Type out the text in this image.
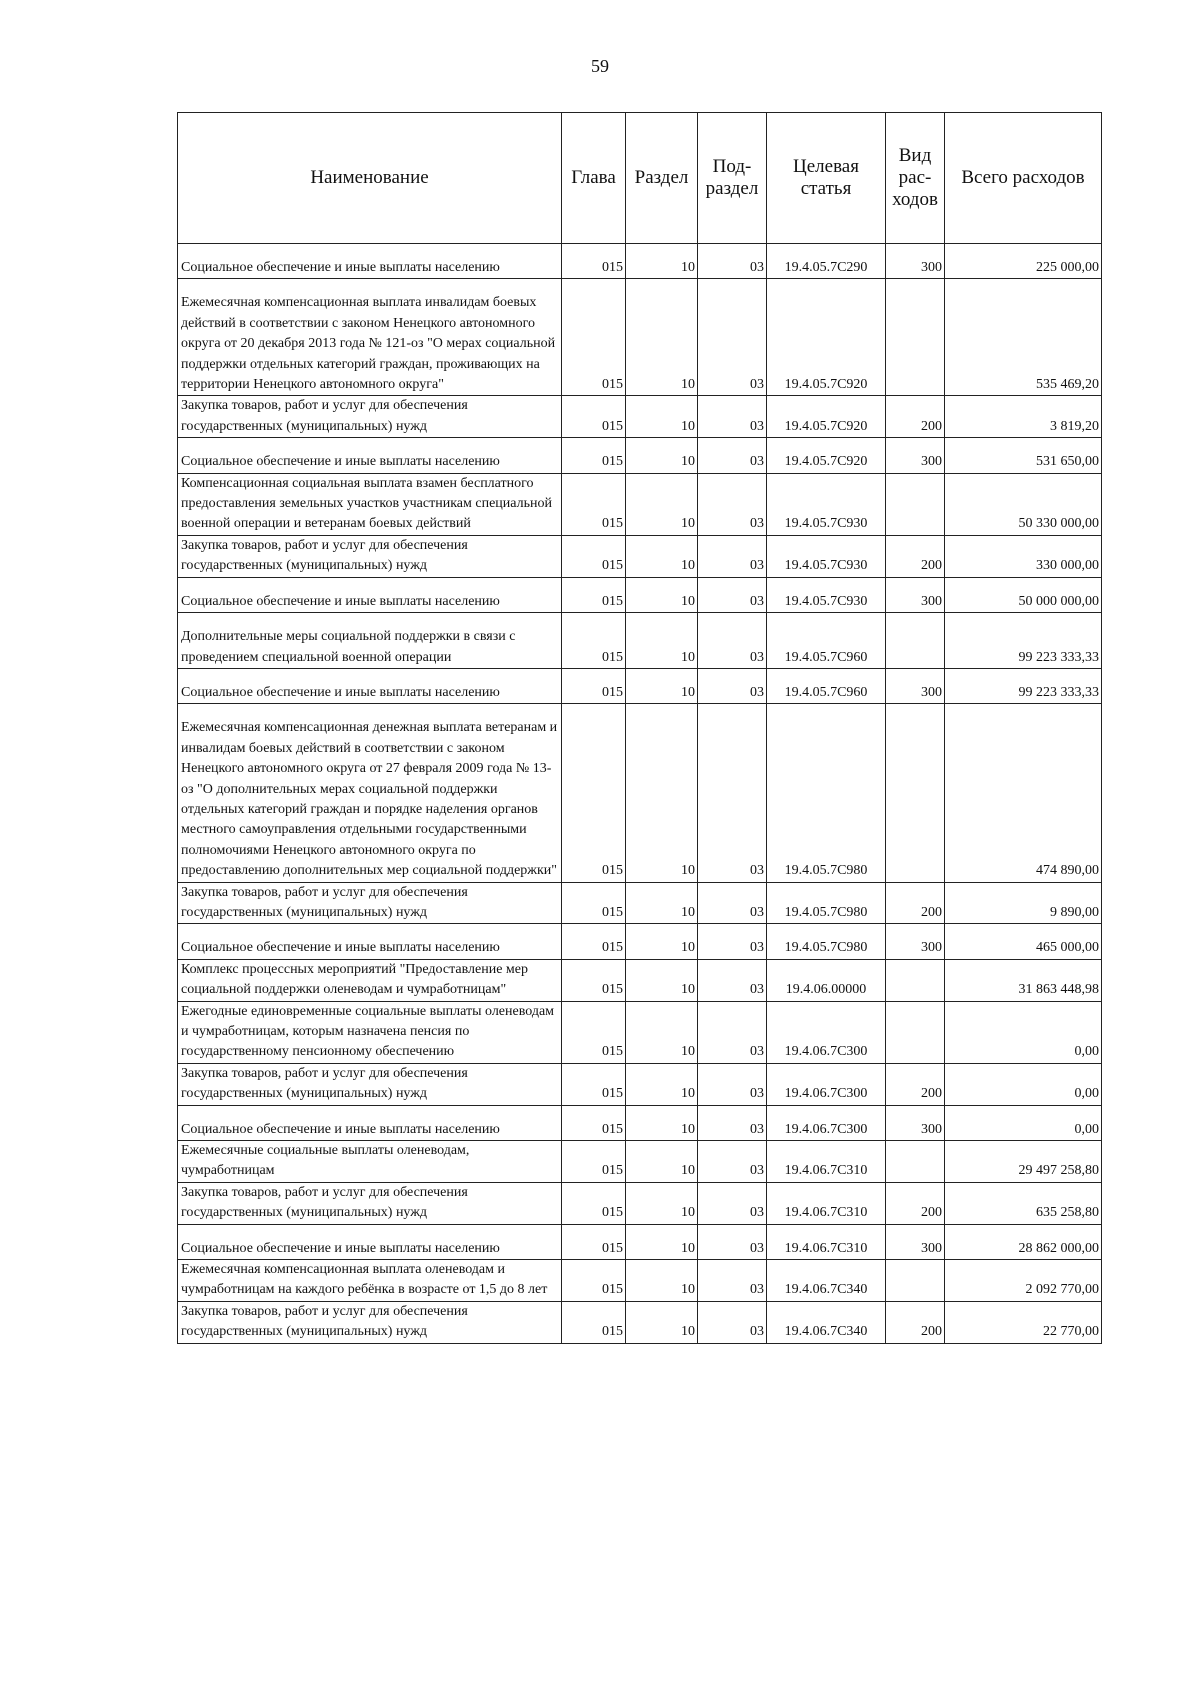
59
Наименование	Глава	Раздел	Под- раздел	Целевая статья	Вид рас- ходов	Всего расходов
Социальное обеспечение и иные выплаты населению	015	10	03	19.4.05.7С290	300	225 000,00
Ежемесячная компенсационная выплата инвалидам боевых действий в соответствии с законом Ненецкого автономного округа от 20 декабря 2013 года № 121-оз "О мерах социальной поддержки отдельных категорий граждан, проживающих на территории Ненецкого автономного округа"	015	10	03	19.4.05.7С920		535 469,20
Закупка товаров, работ и услуг для обеспечения государственных (муниципальных) нужд	015	10	03	19.4.05.7С920	200	3 819,20
Социальное обеспечение и иные выплаты населению	015	10	03	19.4.05.7С920	300	531 650,00
Компенсационная социальная выплата взамен бесплатного предоставления земельных участков участникам специальной военной операции и ветеранам боевых действий	015	10	03	19.4.05.7С930		50 330 000,00
Закупка товаров, работ и услуг для обеспечения государственных (муниципальных) нужд	015	10	03	19.4.05.7С930	200	330 000,00
Социальное обеспечение и иные выплаты населению	015	10	03	19.4.05.7С930	300	50 000 000,00
Дополнительные меры социальной поддержки в связи с проведением специальной военной операции	015	10	03	19.4.05.7С960		99 223 333,33
Социальное обеспечение и иные выплаты населению	015	10	03	19.4.05.7С960	300	99 223 333,33
Ежемесячная компенсационная денежная выплата ветеранам и инвалидам боевых действий в соответствии с законом Ненецкого автономного округа от 27 февраля 2009 года № 13-оз "О дополнительных мерах социальной поддержки отдельных категорий граждан и порядке наделения органов местного самоуправления отдельными государственными полномочиями Ненецкого автономного округа по предоставлению дополнительных мер социальной поддержки"	015	10	03	19.4.05.7С980		474 890,00
Закупка товаров, работ и услуг для обеспечения государственных (муниципальных) нужд	015	10	03	19.4.05.7С980	200	9 890,00
Социальное обеспечение и иные выплаты населению	015	10	03	19.4.05.7С980	300	465 000,00
Комплекс процессных мероприятий "Предоставление мер социальной поддержки оленеводам и чумработницам"	015	10	03	19.4.06.00000		31 863 448,98
Ежегодные единовременные социальные выплаты оленеводам и чумработницам, которым назначена пенсия по государственному пенсионному обеспечению	015	10	03	19.4.06.7С300		0,00
Закупка товаров, работ и услуг для обеспечения государственных (муниципальных) нужд	015	10	03	19.4.06.7С300	200	0,00
Социальное обеспечение и иные выплаты населению	015	10	03	19.4.06.7С300	300	0,00
Ежемесячные социальные выплаты оленеводам, чумработницам	015	10	03	19.4.06.7С310		29 497 258,80
Закупка товаров, работ и услуг для обеспечения государственных (муниципальных) нужд	015	10	03	19.4.06.7С310	200	635 258,80
Социальное обеспечение и иные выплаты населению	015	10	03	19.4.06.7С310	300	28 862 000,00
Ежемесячная компенсационная выплата оленеводам и чумработницам на каждого ребёнка в возрасте от 1,5 до 8 лет	015	10	03	19.4.06.7С340		2 092 770,00
Закупка товаров, работ и услуг для обеспечения государственных (муниципальных) нужд	015	10	03	19.4.06.7С340	200	22 770,00
